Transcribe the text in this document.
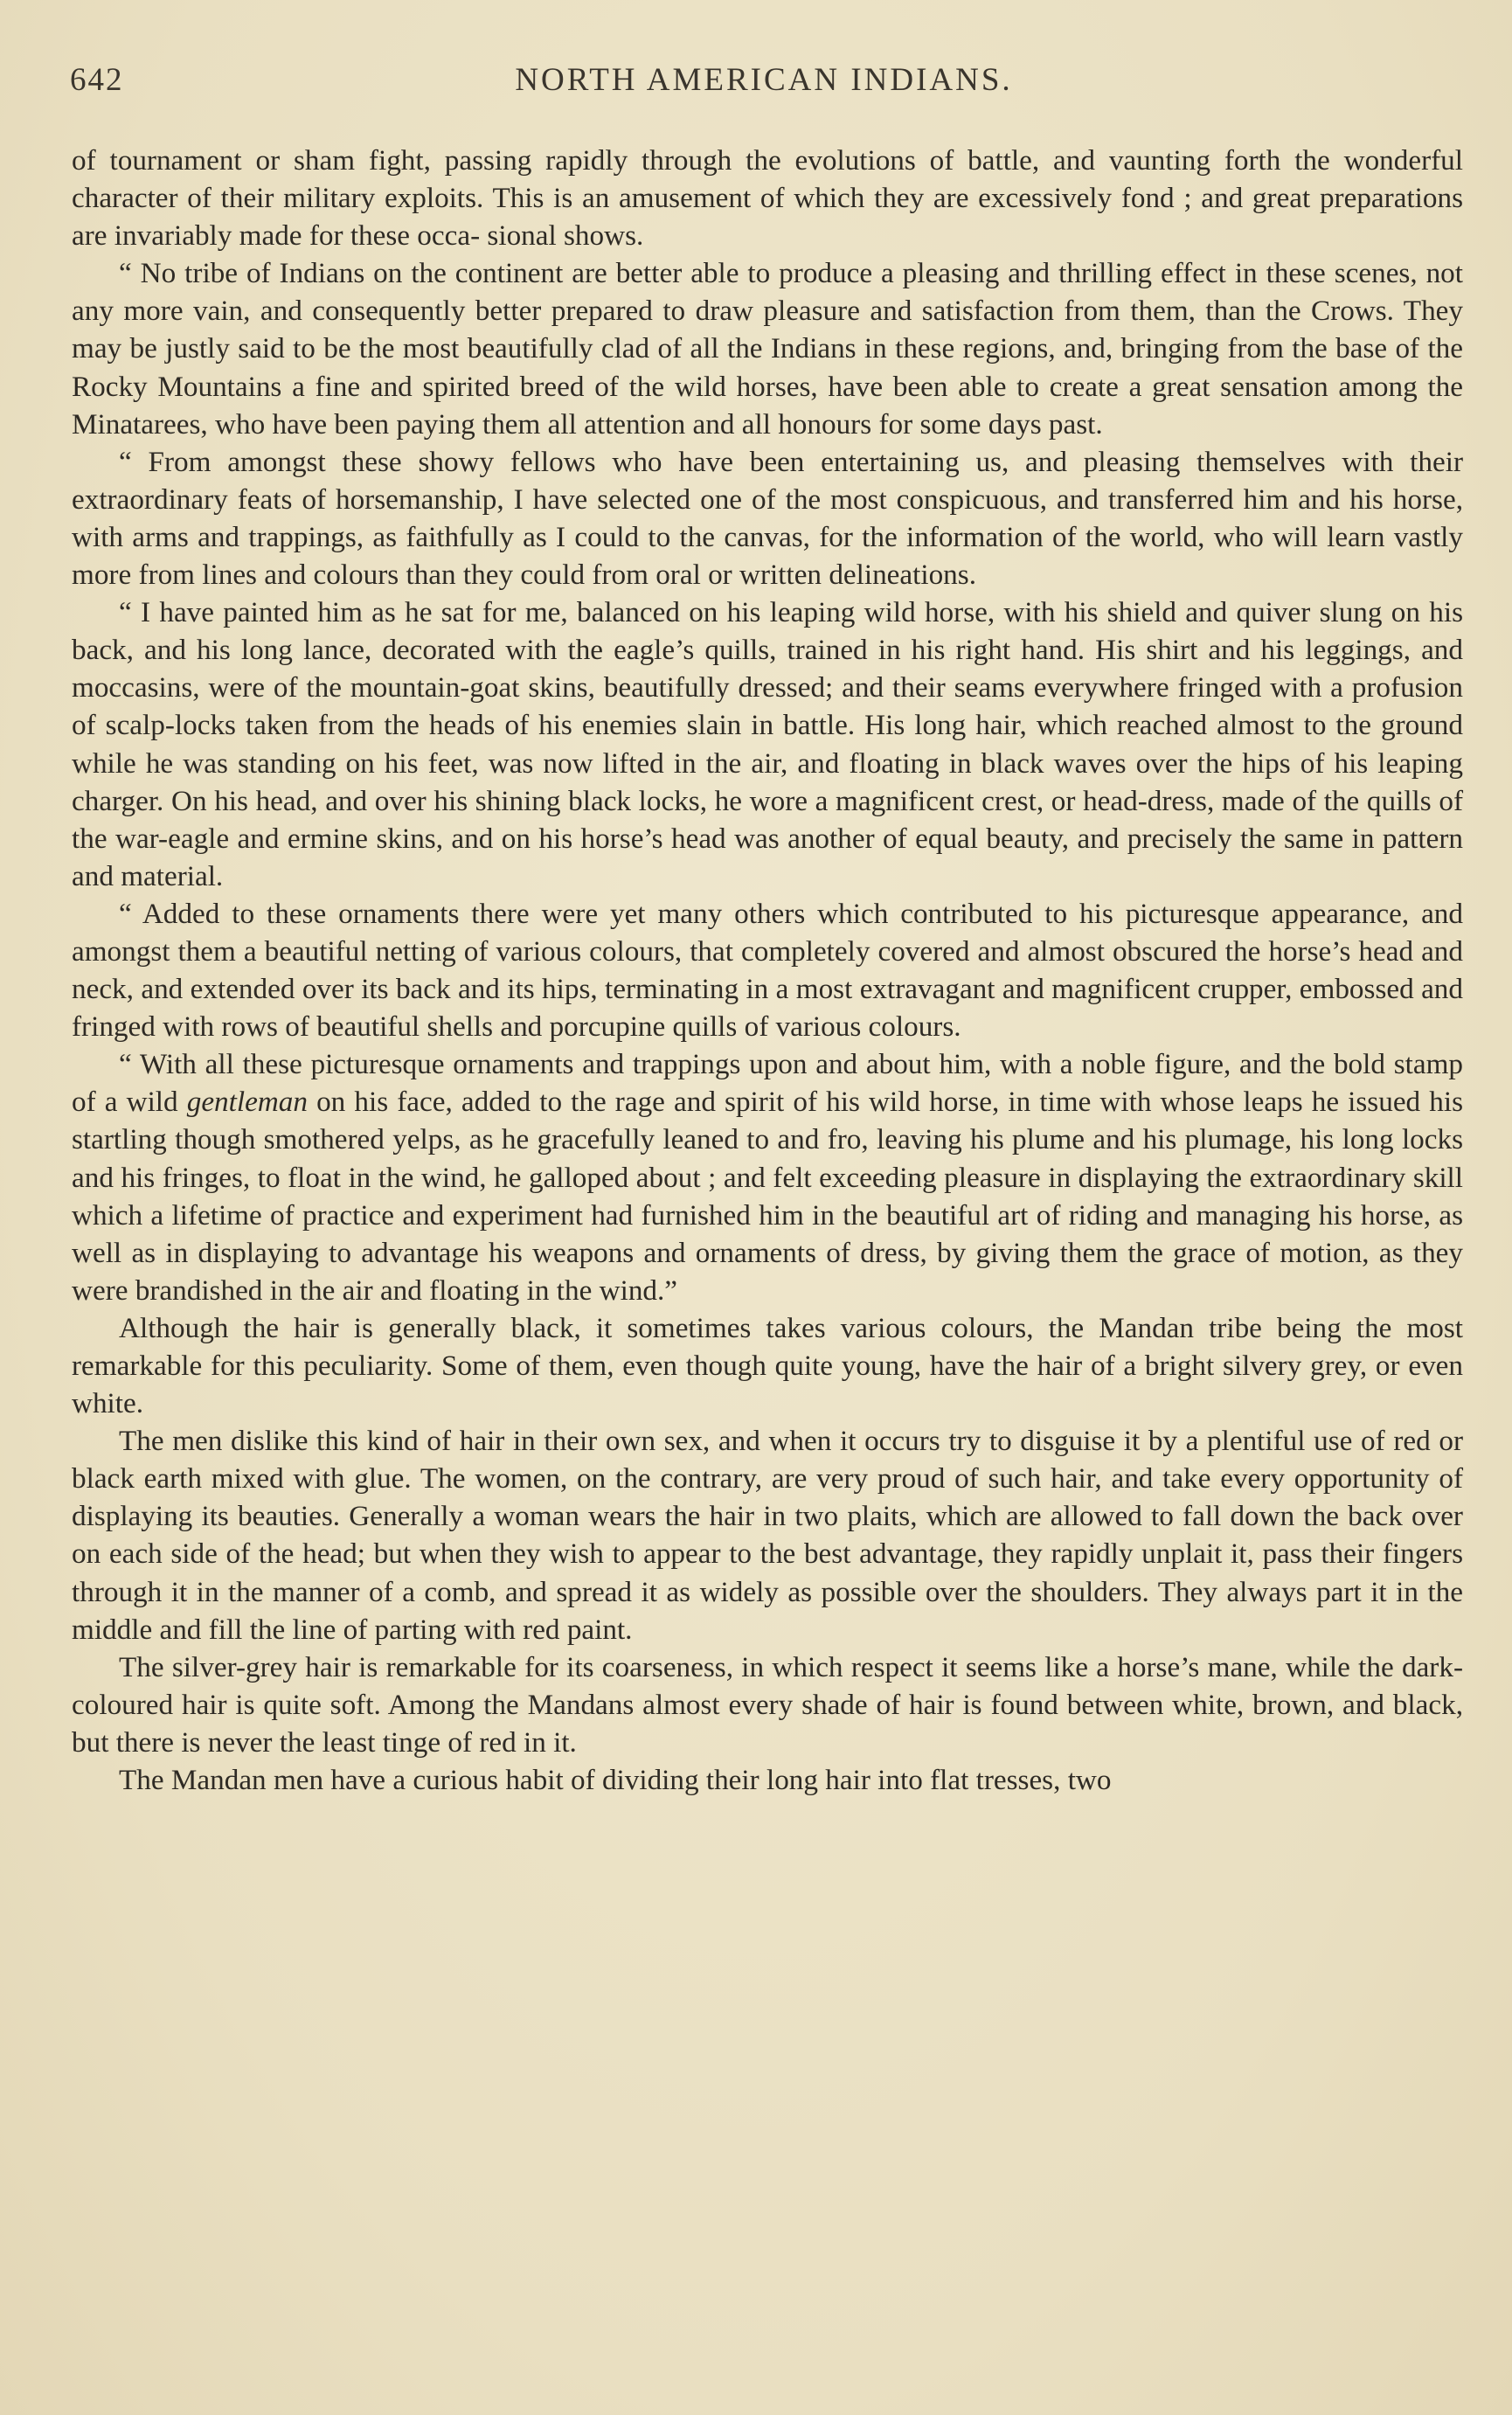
642	NORTH AMERICAN INDIANS.

of tournament or sham fight, passing rapidly through the evolutions of battle, and vaunting forth the wonderful character of their military exploits. This is an amusement of which they are excessively fond ; and great preparations are invariably made for these occa- sional shows.

“ No tribe of Indians on the continent are better able to produce a pleasing and thrilling effect in these scenes, not any more vain, and consequently better prepared to draw pleasure and satisfaction from them, than the Crows. They may be justly said to be the most beautifully clad of all the Indians in these regions, and, bringing from the base of the Rocky Mountains a fine and spirited breed of the wild horses, have been able to create a great sensation among the Minatarees, who have been paying them all attention and all honours for some days past.

“ From amongst these showy fellows who have been entertaining us, and pleasing themselves with their extraordinary feats of horsemanship, I have selected one of the most conspicuous, and transferred him and his horse, with arms and trappings, as faithfully as I could to the canvas, for the information of the world, who will learn vastly more from lines and colours than they could from oral or written delineations.

“ I have painted him as he sat for me, balanced on his leaping wild horse, with his shield and quiver slung on his back, and his long lance, decorated with the eagle’s quills, trained in his right hand. His shirt and his leggings, and moccasins, were of the mountain-goat skins, beautifully dressed; and their seams everywhere fringed with a profusion of scalp-locks taken from the heads of his enemies slain in battle. His long hair, which reached almost to the ground while he was standing on his feet, was now lifted in the air, and floating in black waves over the hips of his leaping charger. On his head, and over his shining black locks, he wore a magnificent crest, or head-dress, made of the quills of the war-eagle and ermine skins, and on his horse’s head was another of equal beauty, and precisely the same in pattern and material.

“ Added to these ornaments there were yet many others which contributed to his picturesque appearance, and amongst them a beautiful netting of various colours, that completely covered and almost obscured the horse’s head and neck, and extended over its back and its hips, terminating in a most extravagant and magnificent crupper, embossed and fringed with rows of beautiful shells and porcupine quills of various colours.

“ With all these picturesque ornaments and trappings upon and about him, with a noble figure, and the bold stamp of a wild gentleman on his face, added to the rage and spirit of his wild horse, in time with whose leaps he issued his startling though smothered yelps, as he gracefully leaned to and fro, leaving his plume and his plumage, his long locks and his fringes, to float in the wind, he galloped about ; and felt exceeding pleasure in displaying the extraordinary skill which a lifetime of practice and experiment had furnished him in the beautiful art of riding and managing his horse, as well as in displaying to advantage his weapons and ornaments of dress, by giving them the grace of motion, as they were brandished in the air and floating in the wind.”

Although the hair is generally black, it sometimes takes various colours, the Mandan tribe being the most remarkable for this peculiarity. Some of them, even though quite young, have the hair of a bright silvery grey, or even white.

The men dislike this kind of hair in their own sex, and when it occurs try to disguise it by a plentiful use of red or black earth mixed with glue. The women, on the contrary, are very proud of such hair, and take every opportunity of displaying its beauties. Generally a woman wears the hair in two plaits, which are allowed to fall down the back over on each side of the head; but when they wish to appear to the best advantage, they rapidly unplait it, pass their fingers through it in the manner of a comb, and spread it as widely as possible over the shoulders. They always part it in the middle and fill the line of parting with red paint.

The silver-grey hair is remarkable for its coarseness, in which respect it seems like a horse’s mane, while the dark-coloured hair is quite soft. Among the Mandans almost every shade of hair is found between white, brown, and black, but there is never the least tinge of red in it.

The Mandan men have a curious habit of dividing their long hair into flat tresses, two
